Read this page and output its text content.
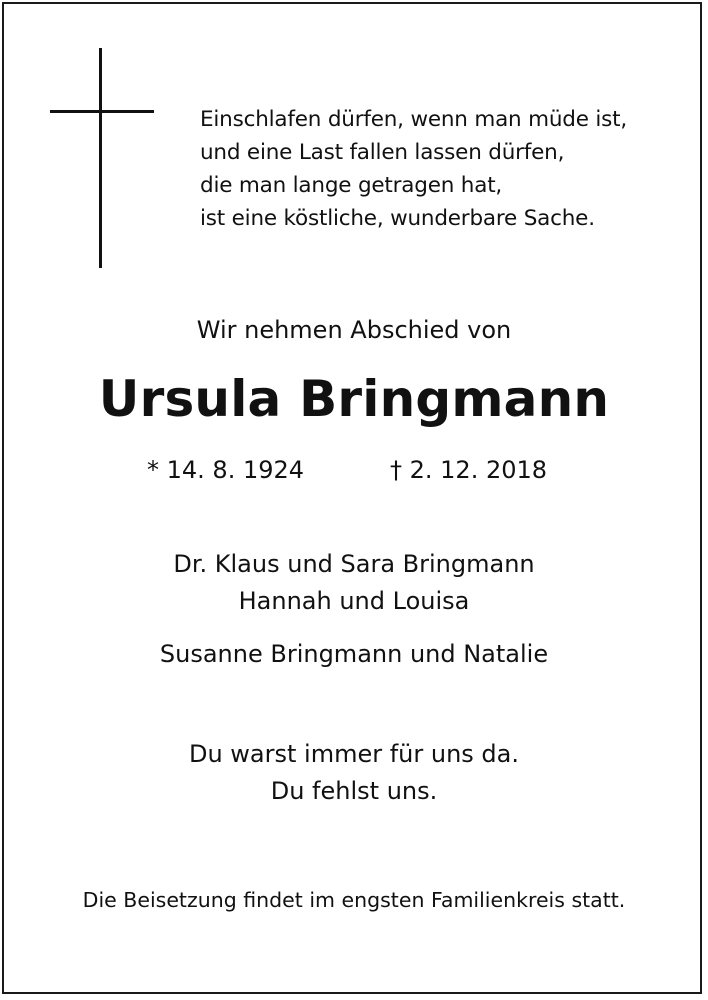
Einschlafen dürfen, wenn man müde ist,
und eine Last fallen lassen dürfen,
die man lange getragen hat,
ist eine köstliche, wunderbare Sache.
Wir nehmen Abschied von
Ursula Bringmann
* 14. 8. 1924	† 2. 12. 2018
Dr. Klaus und Sara Bringmann
Hannah und Louisa
Susanne Bringmann und Natalie
Du warst immer für uns da.
Du fehlst uns.
Die Beisetzung findet im engsten Familienkreis statt.
